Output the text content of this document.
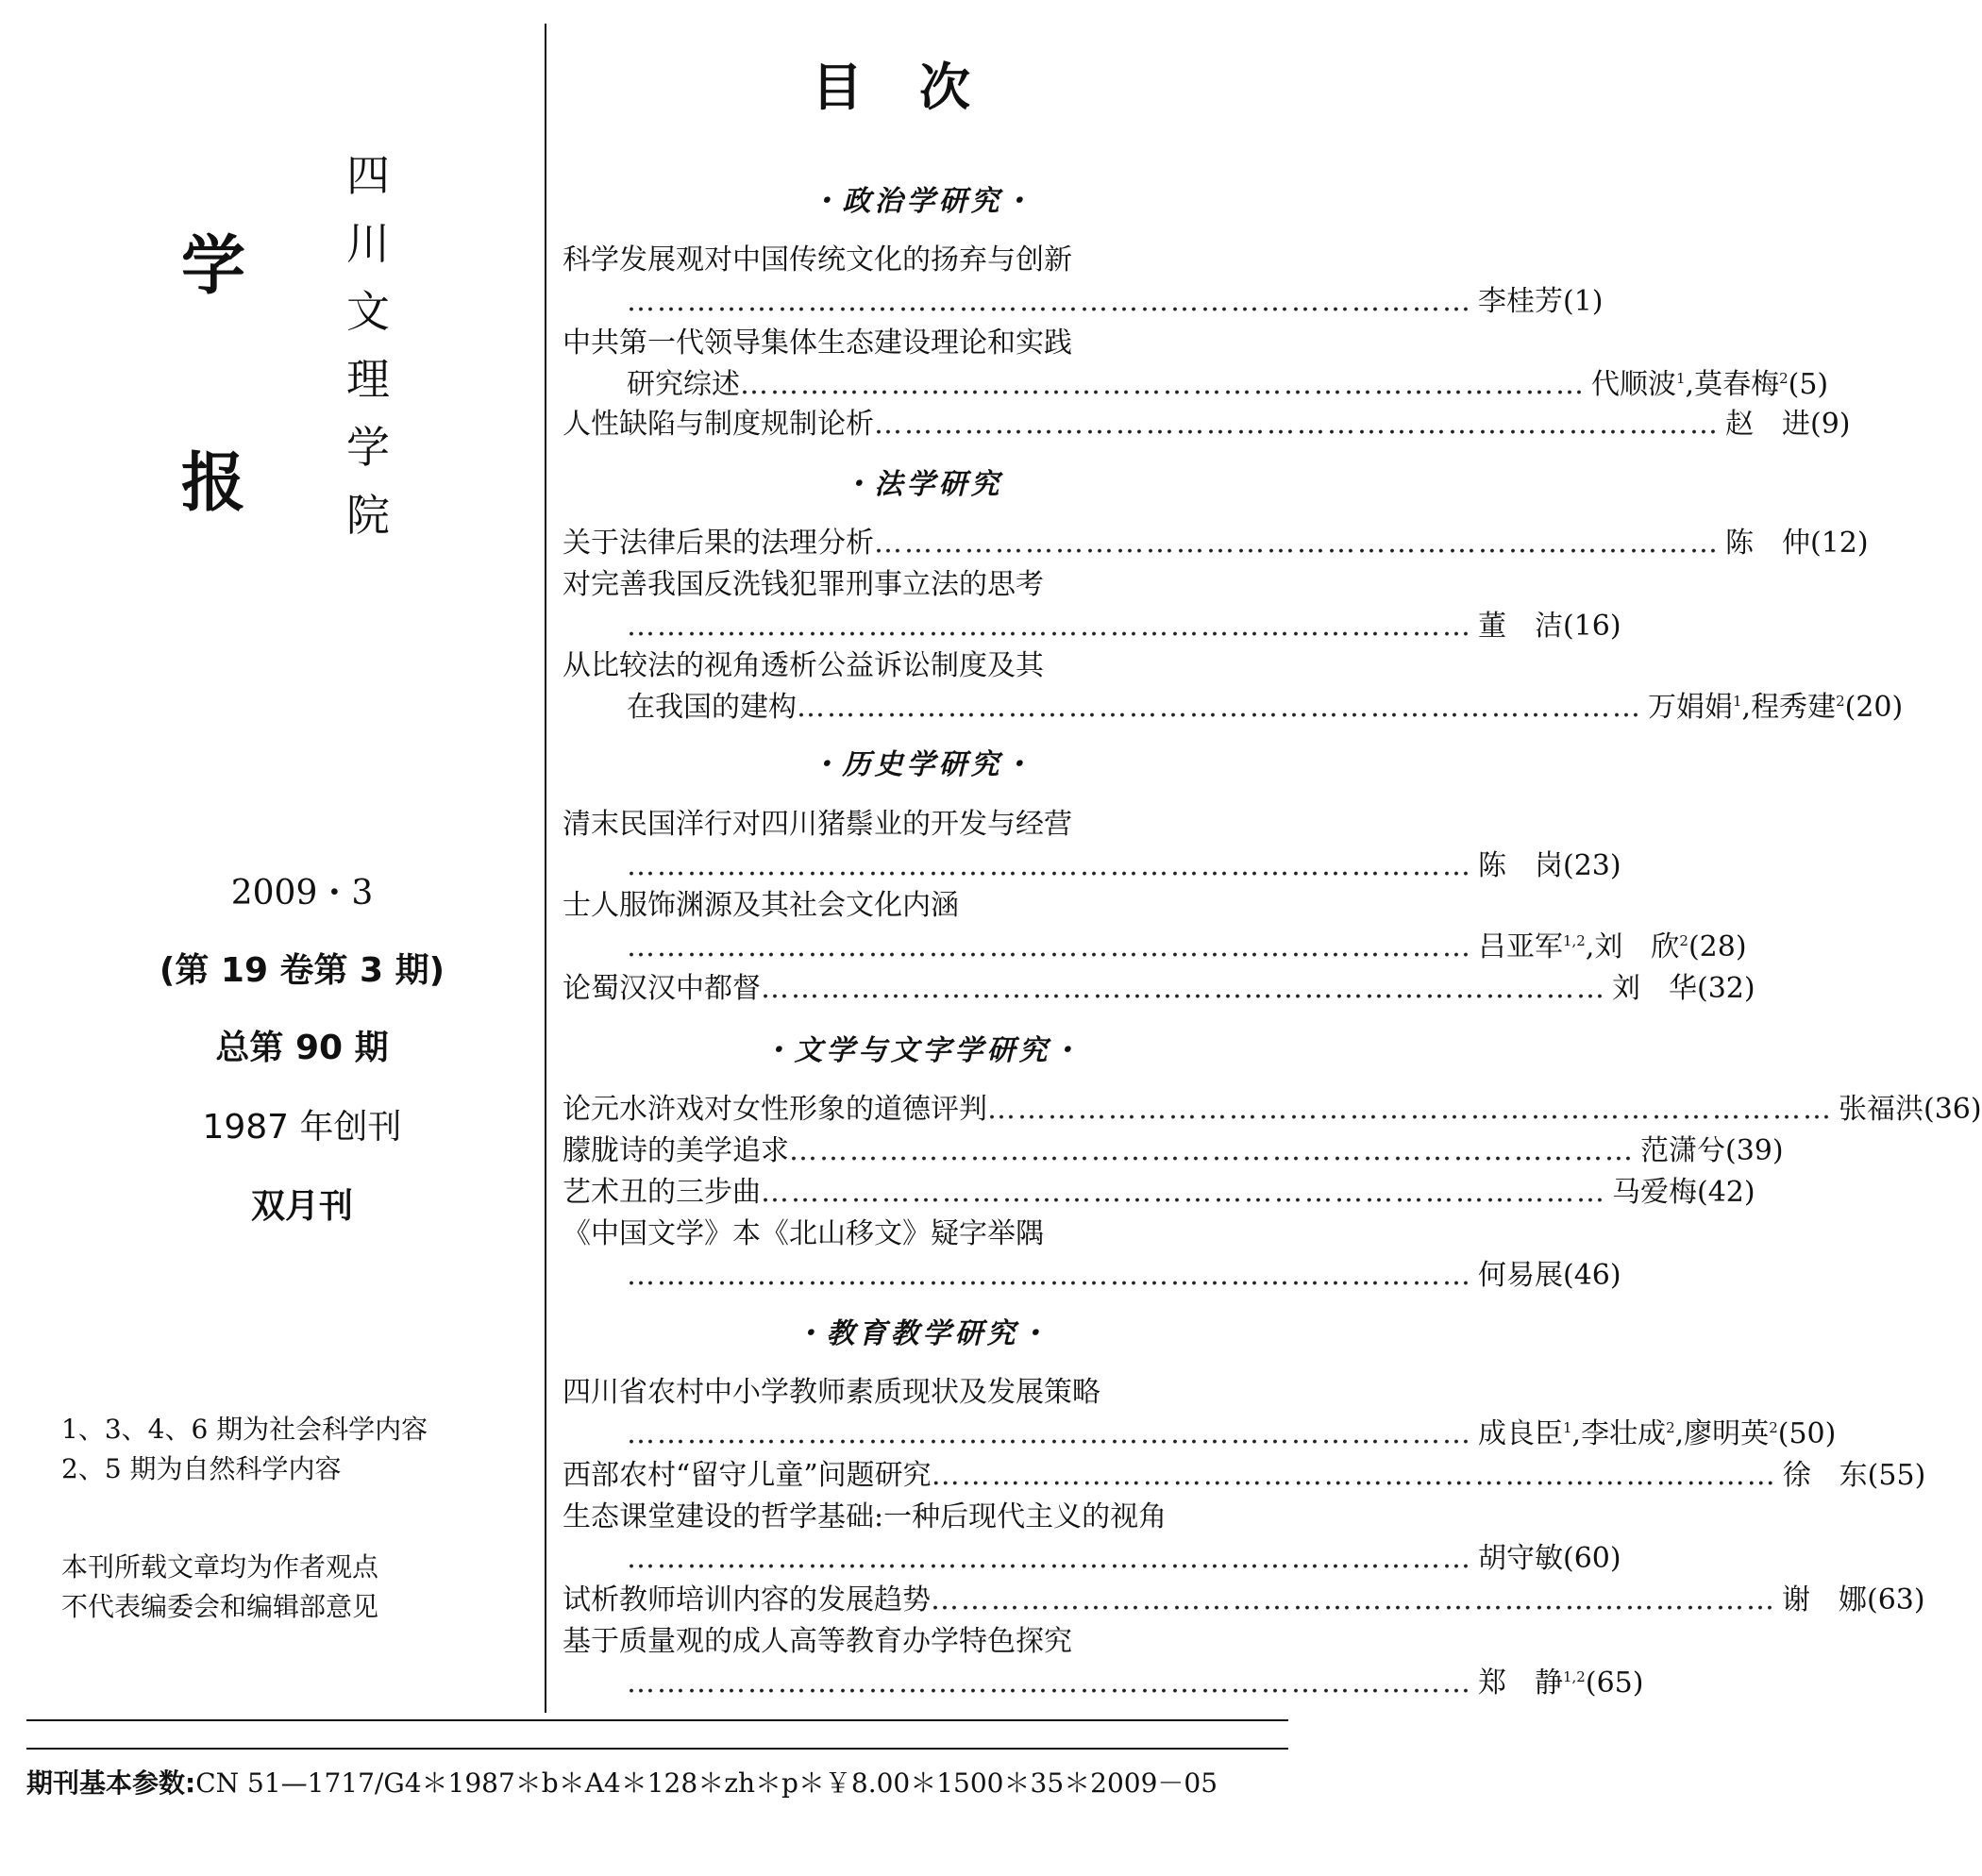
四
川
文
理
学
院
学
报
2009・3
(第 19 卷第 3 期)
总第 90 期
1987 年创刊
双月刊
1、3、4、6 期为社会科学内容
2、5 期为自然科学内容
本刊所载文章均为作者观点
不代表编委会和编辑部意见
目次
・政治学研究・
科学发展观对中国传统文化的扬弃与创新
………………………………………………………………………… 李桂芳(1)
中共第一代领导集体生态建设理论和实践
研究综述 ………………………………………………………………………… 代顺波$^1$,莫春梅$^2$(5)
人性缺陷与制度规制论析 ………………………………………………………………………… 赵　进(9)
・法学研究
关于法律后果的法理分析 ………………………………………………………………………… 陈　仲(12)
对完善我国反洗钱犯罪刑事立法的思考
………………………………………………………………………… 董　洁(16)
从比较法的视角透析公益诉讼制度及其
在我国的建构 ………………………………………………………………………… 万娟娟$^1$,程秀建$^2$(20)
・历史学研究・
清末民国洋行对四川猪鬃业的开发与经营
………………………………………………………………………… 陈　岗(23)
士人服饰渊源及其社会文化内涵
………………………………………………………………………… 吕亚军$^{1,2}$,刘　欣$^2$(28)
论蜀汉汉中都督 ………………………………………………………………………… 刘　华(32)
・文学与文字学研究・
论元水浒戏对女性形象的道德评判 ………………………………………………………………………… 张福洪(36)
朦胧诗的美学追求 ………………………………………………………………………… 范潇兮(39)
艺术丑的三步曲 ………………………………………………………………………… 马爱梅(42)
《中国文学》本《北山移文》疑字举隅
………………………………………………………………………… 何易展(46)
・教育教学研究・
四川省农村中小学教师素质现状及发展策略
………………………………………………………………………… 成良臣$^1$,李壮成$^2$,廖明英$^2$(50)
西部农村“留守儿童”问题研究 ………………………………………………………………………… 徐　东(55)
生态课堂建设的哲学基础:一种后现代主义的视角
………………………………………………………………………… 胡守敏(60)
试析教师培训内容的发展趋势 ………………………………………………………………………… 谢　娜(63)
基于质量观的成人高等教育办学特色探究
………………………………………………………………………… 郑　静$^{1,2}$(65)
期刊基本参数:CN 51—1717/G4＊1987＊b＊A4＊128＊zh＊p＊￥8.00＊1500＊35＊2009－05
